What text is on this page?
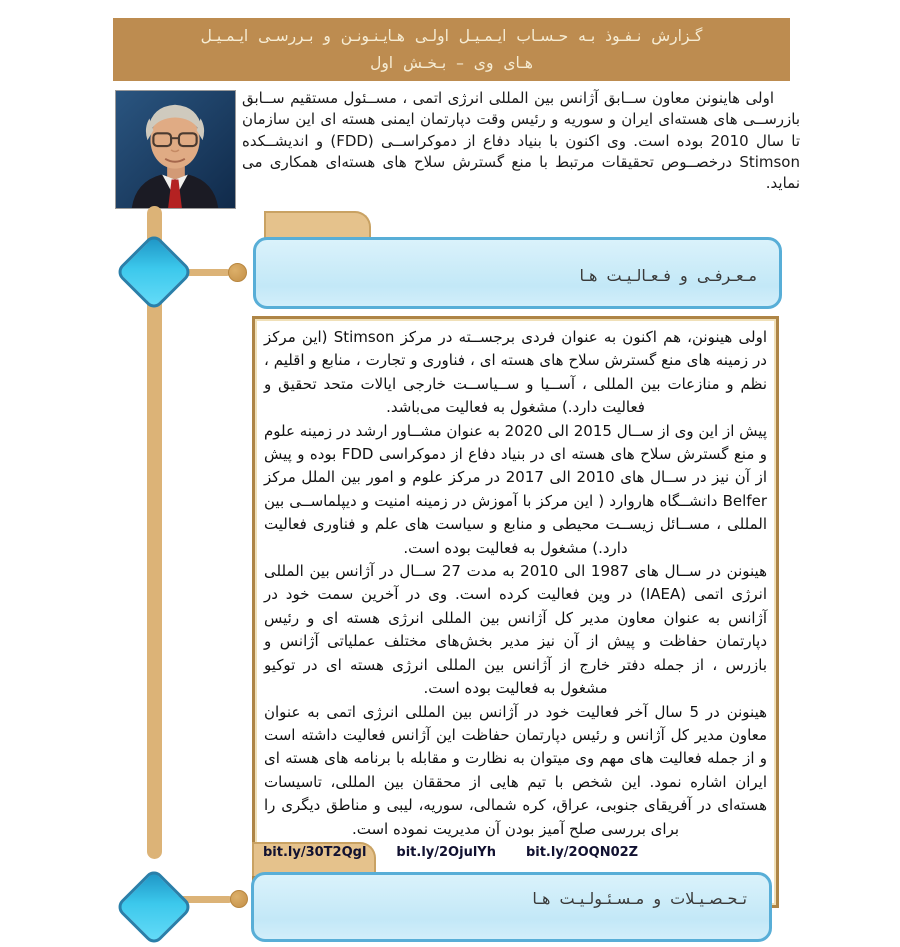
گـزارش نـفـوذ بـه حـسـاب ایـمـیـل اولـی هـایـنـونـن و بـررسـی ایـمـیـل
هـای وی – بـخـش اول

اولی هاینونن معاون ســابق آژانس بین المللی انرژی اتمی ، مســئول مستقیم ســابق بازرســی های هسته‌ای ایران و سوریه و رئیس وقت دپارتمان ایمنی هسته ای این سازمان تا سال 2010 بوده است. وی اکنون با بنیاد دفاع از دموکراســی (FDD) و اندیشــکده Stimson درخصــوص تحقیقات مرتبط با منع گسترش سلاح های هسته‌ای همکاری می نماید.

مـعـرفـی و فـعـالـیـت هـا

اولی هینونن، هم اکنون به عنوان فردی برجســته در مرکز Stimson (این مرکز در زمینه های منع گسترش سلاح های هسته ای ، فناوری و تجارت ، منابع و اقلیم ، نظم و منازعات بین المللی ، آســیا و ســیاســت خارجی ایالات متحد تحقیق و فعالیت دارد.) مشغول به فعالیت می‌باشد.

پیش از این وی از ســال 2015 الی 2020 به عنوان مشــاور ارشد در زمینه علوم و منع گسترش سلاح های هسته ای در بنیاد دفاع از دموکراسی FDD بوده و پیش از آن نیز در ســال های 2010 الی 2017 در مرکز علوم و امور بین الملل مرکز Belfer دانشــگاه هاروارد ( این مرکز با آموزش در زمینه امنیت و دیپلماســی بین المللی ، مســائل زیســت محیطی و منابع و سیاست های علم و فناوری فعالیت دارد.) مشغول به فعالیت بوده است.

هینونن در ســال های 1987 الی 2010 به مدت 27 ســال در آژانس بین المللی انرژی اتمی (IAEA) در وین فعالیت کرده است. وی در آخرین سمت خود در آژانس به عنوان معاون مدیر کل آژانس بین المللی انرژی هسته ای و رئیس دپارتمان حفاظت و پیش از آن نیز مدیر بخش‌های مختلف عملیاتی آژانس و بازرس ، از جمله دفتر خارج از آژانس بین المللی انرژی هسته ای در توکیو مشغول به فعالیت بوده است.

هینونن در 5 سال آخر فعالیت خود در آژانس بین المللی انرژی اتمی به عنوان معاون مدیر کل آژانس و رئیس دپارتمان حفاظت این آژانس فعالیت داشته است و از جمله فعالیت های مهم وی میتوان به نظارت و مقابله با برنامه های هسته ای ایران اشاره نمود. این شخص با تیم هایی از محققان بین المللی، تاسیسات هسته‌ای در آفریقای جنوبی، عراق، کره شمالی، سوریه، لیبی و مناطق دیگری را برای بررسی صلح آمیز بودن آن مدیریت نموده است.

bit.ly/30T2Qgl bit.ly/2OjulYh bit.ly/2OQN02Z
تـحـصـیـلات و مـسـئـولـیـت هـا
